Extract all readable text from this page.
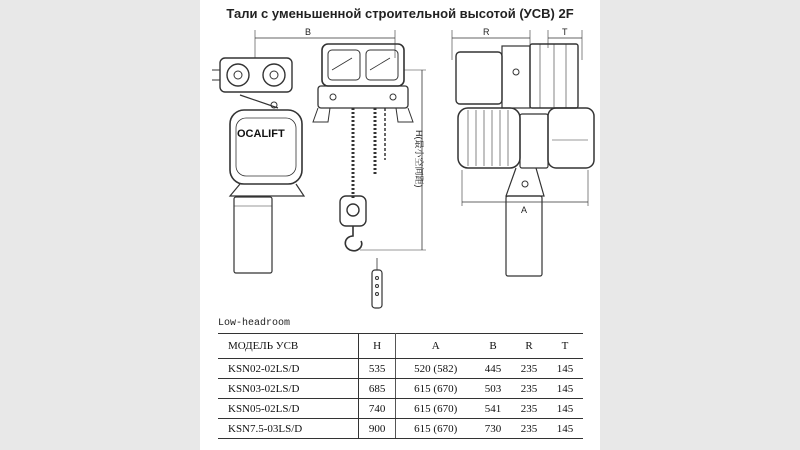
Тали с уменьшенной строительной высотой (УСВ) 2F
B
OCALIFT	H(最小空间距)
R	T
A
Low-headroom
МОДЕЛЬ УСВ	H	A	B	R	T
KSN02-02LS/D	535	520 (582)	445	235	145
KSN03-02LS/D	685	615 (670)	503	235	145
KSN05-02LS/D	740	615 (670)	541	235	145
KSN7.5-03LS/D	900	615 (670)	730	235	145
